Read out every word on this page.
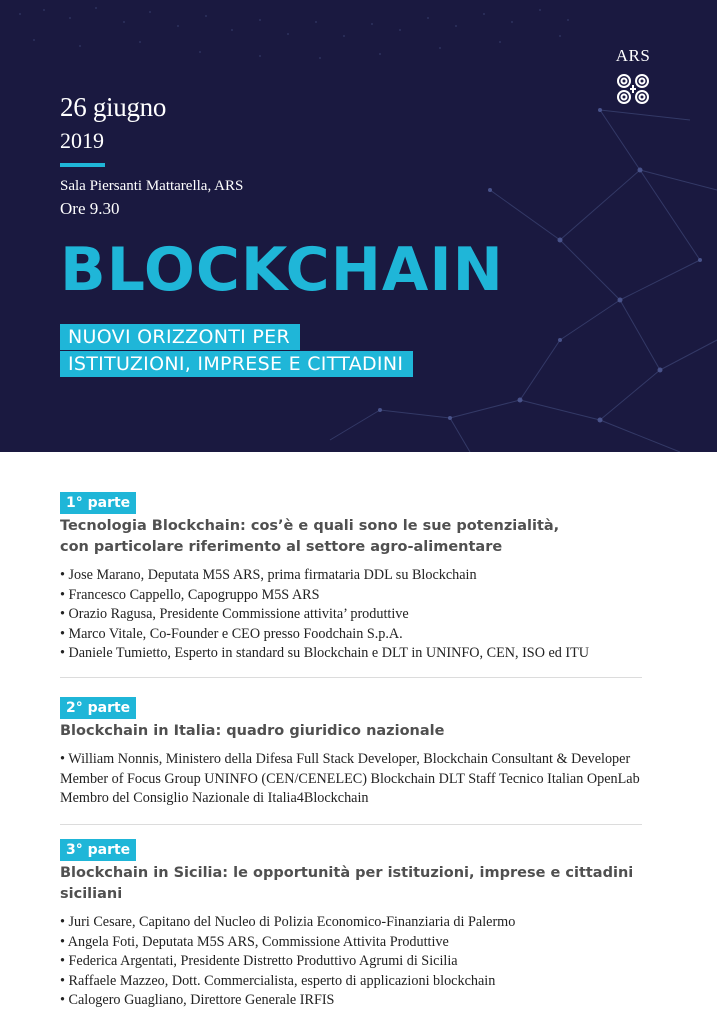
26 giugno
2019
Sala Piersanti Mattarella, ARS
Ore 9.30
ARS
BLOCKCHAIN
NUOVI ORIZZONTI PER
ISTITUZIONI, IMPRESE E CITTADINI
1° parte
Tecnologia Blockchain: cos’è e quali sono le sue potenzialità,
con particolare riferimento al settore agro-alimentare
• Jose Marano, Deputata M5S ARS, prima firmataria DDL su Blockchain
• Francesco Cappello, Capogruppo M5S ARS
• Orazio Ragusa, Presidente Commissione attivita’ produttive
• Marco Vitale, Co-Founder e CEO presso Foodchain S.p.A.
• Daniele Tumietto, Esperto in standard su Blockchain e DLT in UNINFO, CEN, ISO ed ITU
2° parte
Blockchain in Italia: quadro giuridico nazionale
• William Nonnis, Ministero della Difesa Full Stack Developer, Blockchain Consultant & Developer Member of Focus Group UNINFO (CEN/CENELEC) Blockchain DLT Staff Tecnico Italian OpenLab Membro del Consiglio Nazionale di Italia4Blockchain
3° parte
Blockchain in Sicilia: le opportunità per istituzioni, imprese e cittadini siciliani
• Juri Cesare, Capitano del Nucleo di Polizia Economico-Finanziaria di Palermo
• Angela Foti, Deputata M5S ARS, Commissione Attivita Produttive
• Federica Argentati, Presidente Distretto Produttivo Agrumi di Sicilia
• Raffaele Mazzeo, Dott. Commercialista, esperto di applicazioni blockchain
• Calogero Guagliano, Direttore Generale IRFIS
